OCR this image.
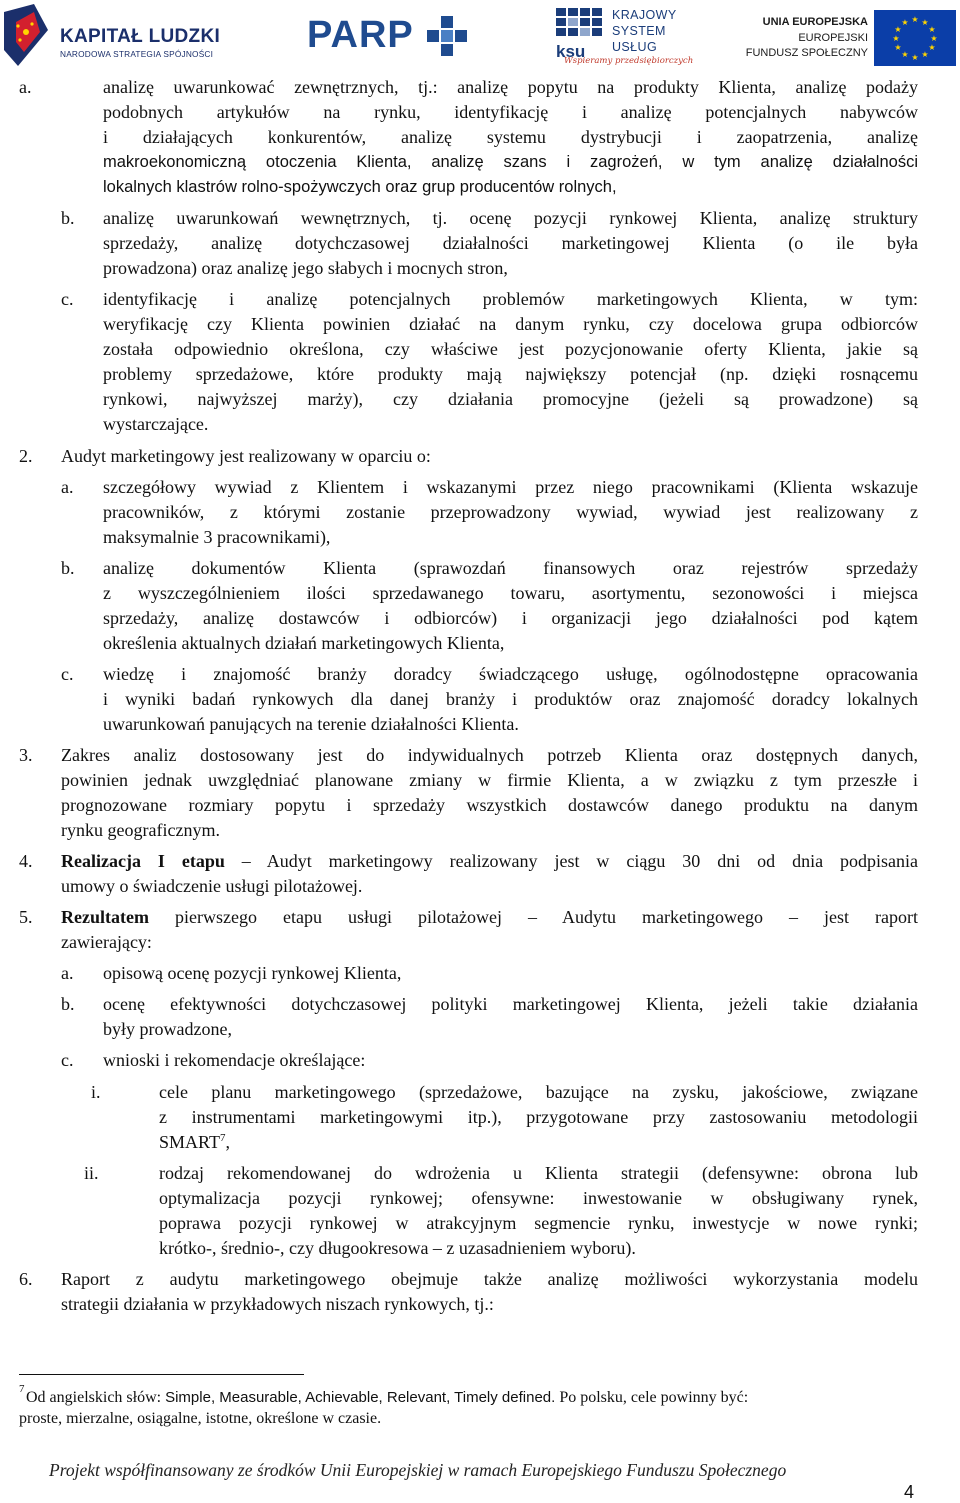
KAPITAŁ LUDZKI
NARODOWA STRATEGIA SPÓJNOŚCI PARP	ksu
KRAJOWY
SYSTEM
USŁUG
Wspieramy przedsiębiorczych
UNIA EUROPEJSKA
EUROPEJSKI
FUNDUSZ SPOŁECZNY
★ ★
★
★
★
★
★
★
★
★
★
★
a.	analizę uwarunkować zewnętrznych, tj.: analizę popytu na produkty Klienta, analizę podaży
podobnych artykułów na rynku, identyfikację i analizę potencjalnych nabywców
i działających konkurentów, analizę systemu dystrybucji i zaopatrzenia, analizę
makroekonomiczną otoczenia Klienta, analizę szans i zagrożeń, w tym analizę działalności
lokalnych klastrów rolno-spożywczych oraz grup producentów rolnych,
b. analizę uwarunkowań wewnętrznych, tj. ocenę pozycji rynkowej Klienta, analizę struktury
sprzedaży, analizę dotychczasowej działalności marketingowej Klienta (o ile była
prowadzona) oraz analizę jego słabych i mocnych stron,
c. identyfikację i analizę potencjalnych problemów marketingowych Klienta, w tym:
weryfikację czy Klienta powinien działać na danym rynku, czy docelowa grupa odbiorców
została odpowiednio określona, czy właściwe jest pozycjonowanie oferty Klienta, jakie są
problemy sprzedażowe, które produkty mają największy potencjał (np. dzięki rosnącemu
rynkowi, najwyższej marży), czy działania promocyjne (jeżeli są prowadzone) są
wystarczające.
2. Audyt marketingowy jest realizowany w oparciu o:
a. szczegółowy wywiad z Klientem i wskazanymi przez niego pracownikami (Klienta wskazuje
pracowników, z którymi zostanie przeprowadzony wywiad, wywiad jest realizowany z
maksymalnie 3 pracownikami),
b. analizę dokumentów Klienta (sprawozdań finansowych oraz rejestrów sprzedaży
z wyszczególnieniem ilości sprzedawanego towaru, asortymentu, sezonowości i miejsca
sprzedaży, analizę dostawców i odbiorców) i organizacji jego działalności pod kątem
określenia aktualnych działań marketingowych Klienta,
c. wiedzę i znajomość branży doradcy świadczącego usługę, ogólnodostępne opracowania
i wyniki badań rynkowych dla danej branży i produktów oraz znajomość doradcy lokalnych
uwarunkowań panujących na terenie działalności Klienta.
3. Zakres analiz dostosowany jest do indywidualnych potrzeb Klienta oraz dostępnych danych,
powinien jednak uwzględniać planowane zmiany w firmie Klienta, a w związku z tym przeszłe i
prognozowane rozmiary popytu i sprzedaży wszystkich dostawców danego produktu na danym
rynku geograficznym.
4. Realizacja I etapu – Audyt marketingowy realizowany jest w ciągu 30 dni od dnia podpisania
umowy o świadczenie usługi pilotażowej.
5. Rezultatem pierwszego etapu usługi pilotażowej – Audytu marketingowego – jest raport
zawierający:
a. opisową ocenę pozycji rynkowej Klienta,
b. ocenę efektywności dotychczasowej polityki marketingowej Klienta, jeżeli takie działania
były prowadzone,
c. wnioski i rekomendacje określające:
i.	cele planu marketingowego (sprzedażowe, bazujące na zysku, jakościowe, związane
z instrumentami marketingowymi itp.), przygotowane przy zastosowaniu metodologii
SMART$^7$,
ii.	rodzaj rekomendowanej do wdrożenia u Klienta strategii (defensywne: obrona lub
optymalizacja pozycji rynkowej; ofensywne: inwestowanie w obsługiwany rynek,
poprawa pozycji rynkowej w atrakcyjnym segmencie rynku, inwestycje w nowe rynki;
krótko-, średnio-, czy długookresowa – z uzasadnieniem wyboru).
6. Raport z audytu marketingowego obejmuje także analizę możliwości wykorzystania modelu
strategii działania w przykładowych niszach rynkowych, tj.:
7 Od angielskich słów: Simple, Measurable, Achievable, Relevant, Timely defined. Po polsku, cele powinny być:
proste, mierzalne, osiągalne, istotne, określone w czasie.
Projekt współfinansowany ze środków Unii Europejskiej w ramach Europejskiego Funduszu Społecznego
4
